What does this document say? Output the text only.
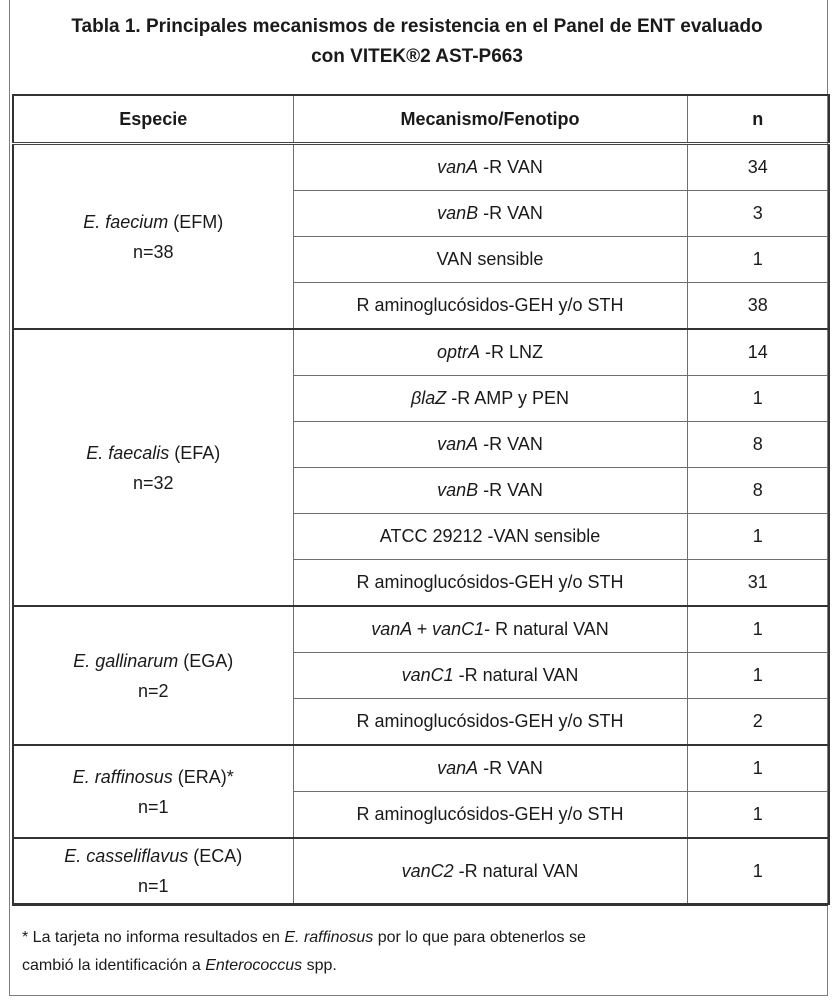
Tabla 1. Principales mecanismos de resistencia en el Panel de ENT evaluado
con VITEK®2 AST-P663
Especie	Mecanismo/Fenotipo	n
E. faecium (EFM)
n=38	vanA -R VAN	34
	vanB -R VAN	3
	VAN sensible	1
	R aminoglucósidos-GEH y/o STH	38
E. faecalis (EFA)
n=32	optrA -R LNZ	14
	βlaZ -R AMP y PEN	1
	vanA -R VAN	8
	vanB -R VAN	8
	ATCC 29212 -VAN sensible	1
	R aminoglucósidos-GEH y/o STH	31
E. gallinarum (EGA)
n=2	vanA + vanC1- R natural VAN	1
	vanC1 -R natural VAN	1
	R aminoglucósidos-GEH y/o STH	2
E. raffinosus (ERA)*
n=1	vanA -R VAN	1
	R aminoglucósidos-GEH y/o STH	1
E. casseliflavus (ECA)
n=1	vanC2 -R natural VAN	1
* La tarjeta no informa resultados en E. raffinosus por lo que para obtenerlos se
cambió la identificación a Enterococcus spp.
